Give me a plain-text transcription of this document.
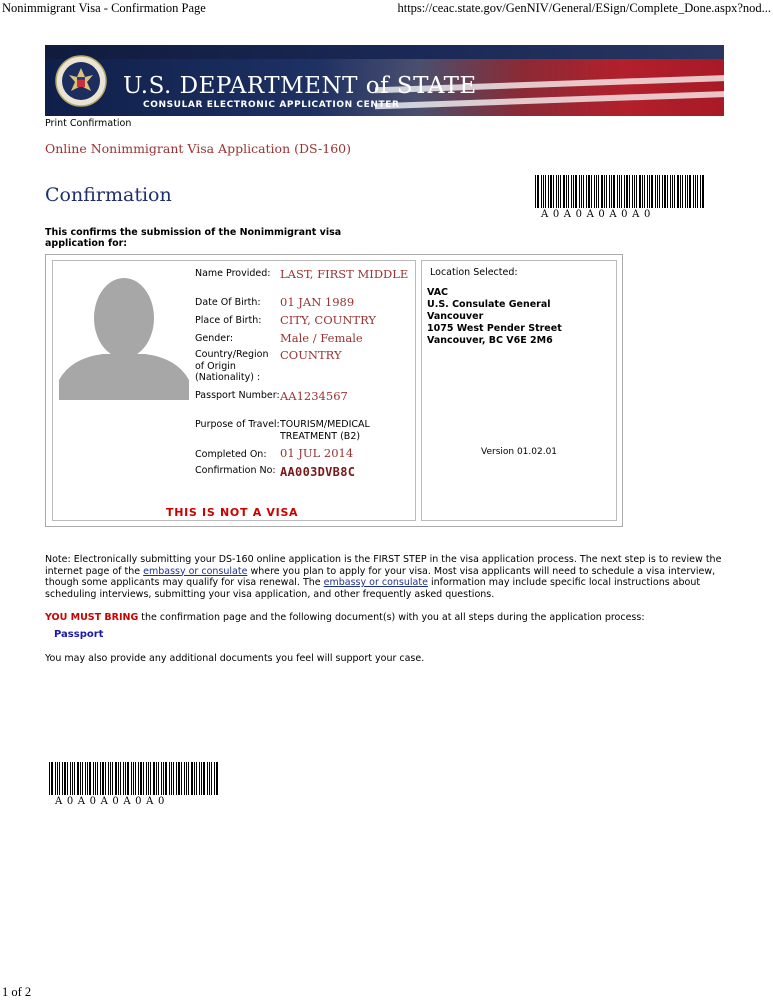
Nonimmigrant Visa - Confirmation Page	https://ceac.state.gov/GenNIV/General/ESign/Complete_Done.aspx?nod...
U.S. DEPARTMENT of STATE
CONSULAR ELECTRONIC APPLICATION CENTER
Print Confirmation
Online Nonimmigrant Visa Application (DS-160)
Confirmation
A0A0A0A0A0
This confirms the submission of the Nonimmigrant visa application for:
Name Provided: LAST, FIRST MIDDLE
Date Of Birth:	01 JAN 1989
Place of Birth:	CITY, COUNTRY
Gender:	Male / Female
Country/Region of Origin (Nationality) :
COUNTRY
Passport Number: AA1234567
Purpose of Travel: TOURISM/MEDICAL TREATMENT (B2)
Completed On:	01 JUL 2014
Confirmation No: AA003DVB8C
THIS IS NOT A VISA
Location Selected:
VAC
U.S. Consulate General
Vancouver
1075 West Pender Street
Vancouver, BC V6E 2M6
Version 01.02.01
Note: Electronically submitting your DS-160 online application is the FIRST STEP in the visa application process. The next step is to review the internet page of the embassy or consulate where you plan to apply for your visa. Most visa applicants will need to schedule a visa interview, though some applicants may qualify for visa renewal. The embassy or consulate information may include specific local instructions about scheduling interviews, submitting your visa application, and other frequently asked questions.
YOU MUST BRING the confirmation page and the following document(s) with you at all steps during the application process:
Passport
You may also provide any additional documents you feel will support your case.
A0A0A0A0A0
1 of 2
